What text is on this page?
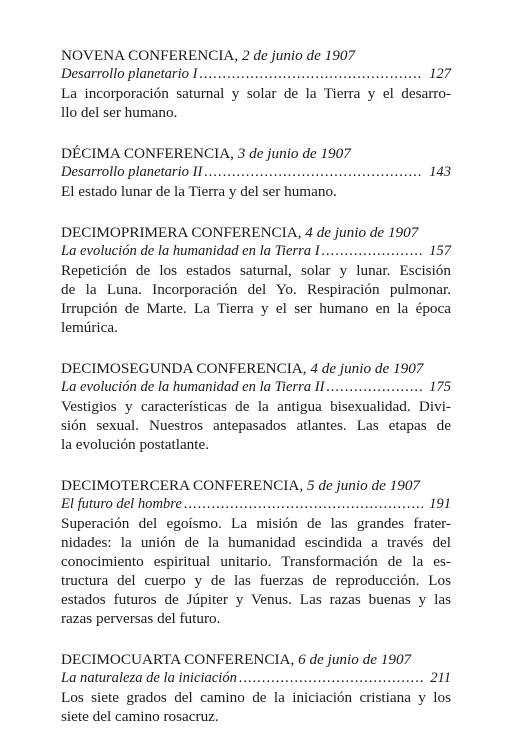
NOVENA CONFERENCIA, 2 de junio de 1907
Desarrollo planetario I .....	127
La incorporación saturnal y solar de la Tierra y el desarro-
llo del ser humano.
DÉCIMA CONFERENCIA, 3 de junio de 1907
Desarrollo planetario II .....	143
El estado lunar de la Tierra y del ser humano.
DECIMOPRIMERA CONFERENCIA, 4 de junio de 1907
La evolución de la humanidad en la Tierra I .....	157
Repetición de los estados saturnal, solar y lunar. Escisión
de la Luna. Incorporación del Yo. Respiración pulmonar.
Irrupción de Marte. La Tierra y el ser humano en la época
lemúrica.
DECIMOSEGUNDA CONFERENCIA, 4 de junio de 1907
La evolución de la humanidad en la Tierra II .....	175
Vestigios y características de la antigua bisexualidad. Divi-
sión sexual. Nuestros antepasados atlantes. Las etapas de
la evolución postatlante.
DECIMOTERCERA CONFERENCIA, 5 de junio de 1907
El futuro del hombre .....	191
Superación del egoísmo. La misión de las grandes frater-
nidades: la unión de la humanidad escindida a través del
conocimiento espiritual unitario. Transformación de la es-
tructura del cuerpo y de las fuerzas de reproducción. Los
estados futuros de Júpiter y Venus. Las razas buenas y las
razas perversas del futuro.
DECIMOCUARTA CONFERENCIA, 6 de junio de 1907
La naturaleza de la iniciación .....	211
Los siete grados del camino de la iniciación cristiana y los
siete del camino rosacruz.
